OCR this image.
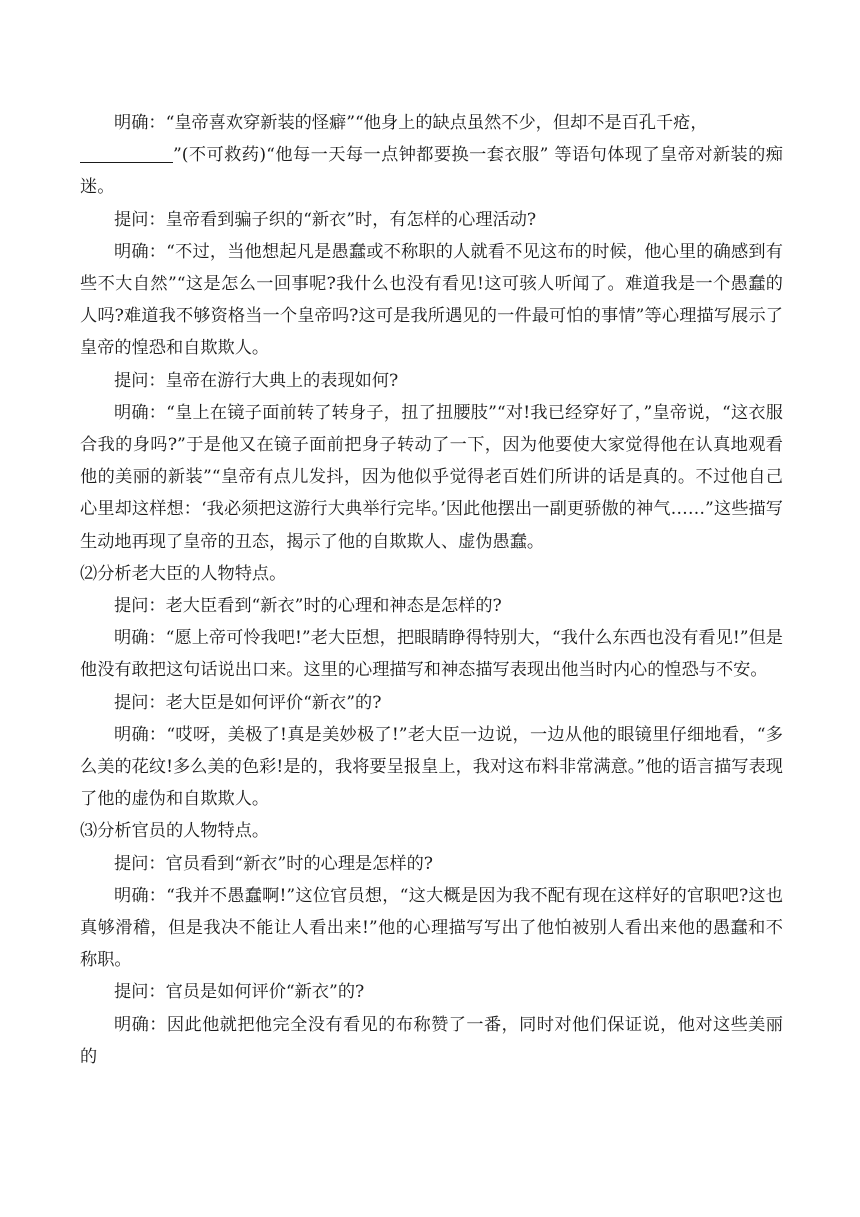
明确：“皇帝喜欢穿新装的怪癖”“他身上的缺点虽然不少，但却不是百孔千疮，
”(不可救药)“他每一天每一点钟都要换一套衣服” 等语句体现了皇帝对新装的痴迷。

提问：皇帝看到骗子织的“新衣”时，有怎样的心理活动?

明确：“不过，当他想起凡是愚蠢或不称职的人就看不见这布的时候，他心里的确感到有些不大自然”“这是怎么一回事呢?我什么也没有看见!这可骇人听闻了。难道我是一个愚蠢的人吗?难道我不够资格当一个皇帝吗?这可是我所遇见的一件最可怕的事情”等心理描写展示了皇帝的惶恐和自欺欺人。

提问：皇帝在游行大典上的表现如何?

明确：“皇上在镜子面前转了转身子，扭了扭腰肢”“对!我已经穿好了，”皇帝说，“这衣服合我的身吗?”于是他又在镜子面前把身子转动了一下，因为他要使大家觉得他在认真地观看他的美丽的新装”“皇帝有点儿发抖，因为他似乎觉得老百姓们所讲的话是真的。不过他自己心里却这样想：‘我必须把这游行大典举行完毕。’因此他摆出一副更骄傲的神气……”这些描写生动地再现了皇帝的丑态，揭示了他的自欺欺人、虚伪愚蠢。

⑵分析老大臣的人物特点。

提问：老大臣看到“新衣”时的心理和神态是怎样的?

明确：“愿上帝可怜我吧!”老大臣想，把眼睛睁得特别大，“我什么东西也没有看见!”但是他没有敢把这句话说出口来。这里的心理描写和神态描写表现出他当时内心的惶恐与不安。

提问：老大臣是如何评价“新衣”的?

明确：“哎呀，美极了!真是美妙极了!”老大臣一边说，一边从他的眼镜里仔细地看，“多么美的花纹!多么美的色彩!是的，我将要呈报皇上，我对这布料非常满意。”他的语言描写表现了他的虚伪和自欺欺人。

⑶分析官员的人物特点。

提问：官员看到“新衣”时的心理是怎样的?

明确：“我并不愚蠢啊!”这位官员想，“这大概是因为我不配有现在这样好的官职吧?这也真够滑稽，但是我决不能让人看出来!”他的心理描写写出了他怕被别人看出来他的愚蠢和不称职。

提问：官员是如何评价“新衣”的?

明确：因此他就把他完全没有看见的布称赞了一番，同时对他们保证说，他对这些美丽的
